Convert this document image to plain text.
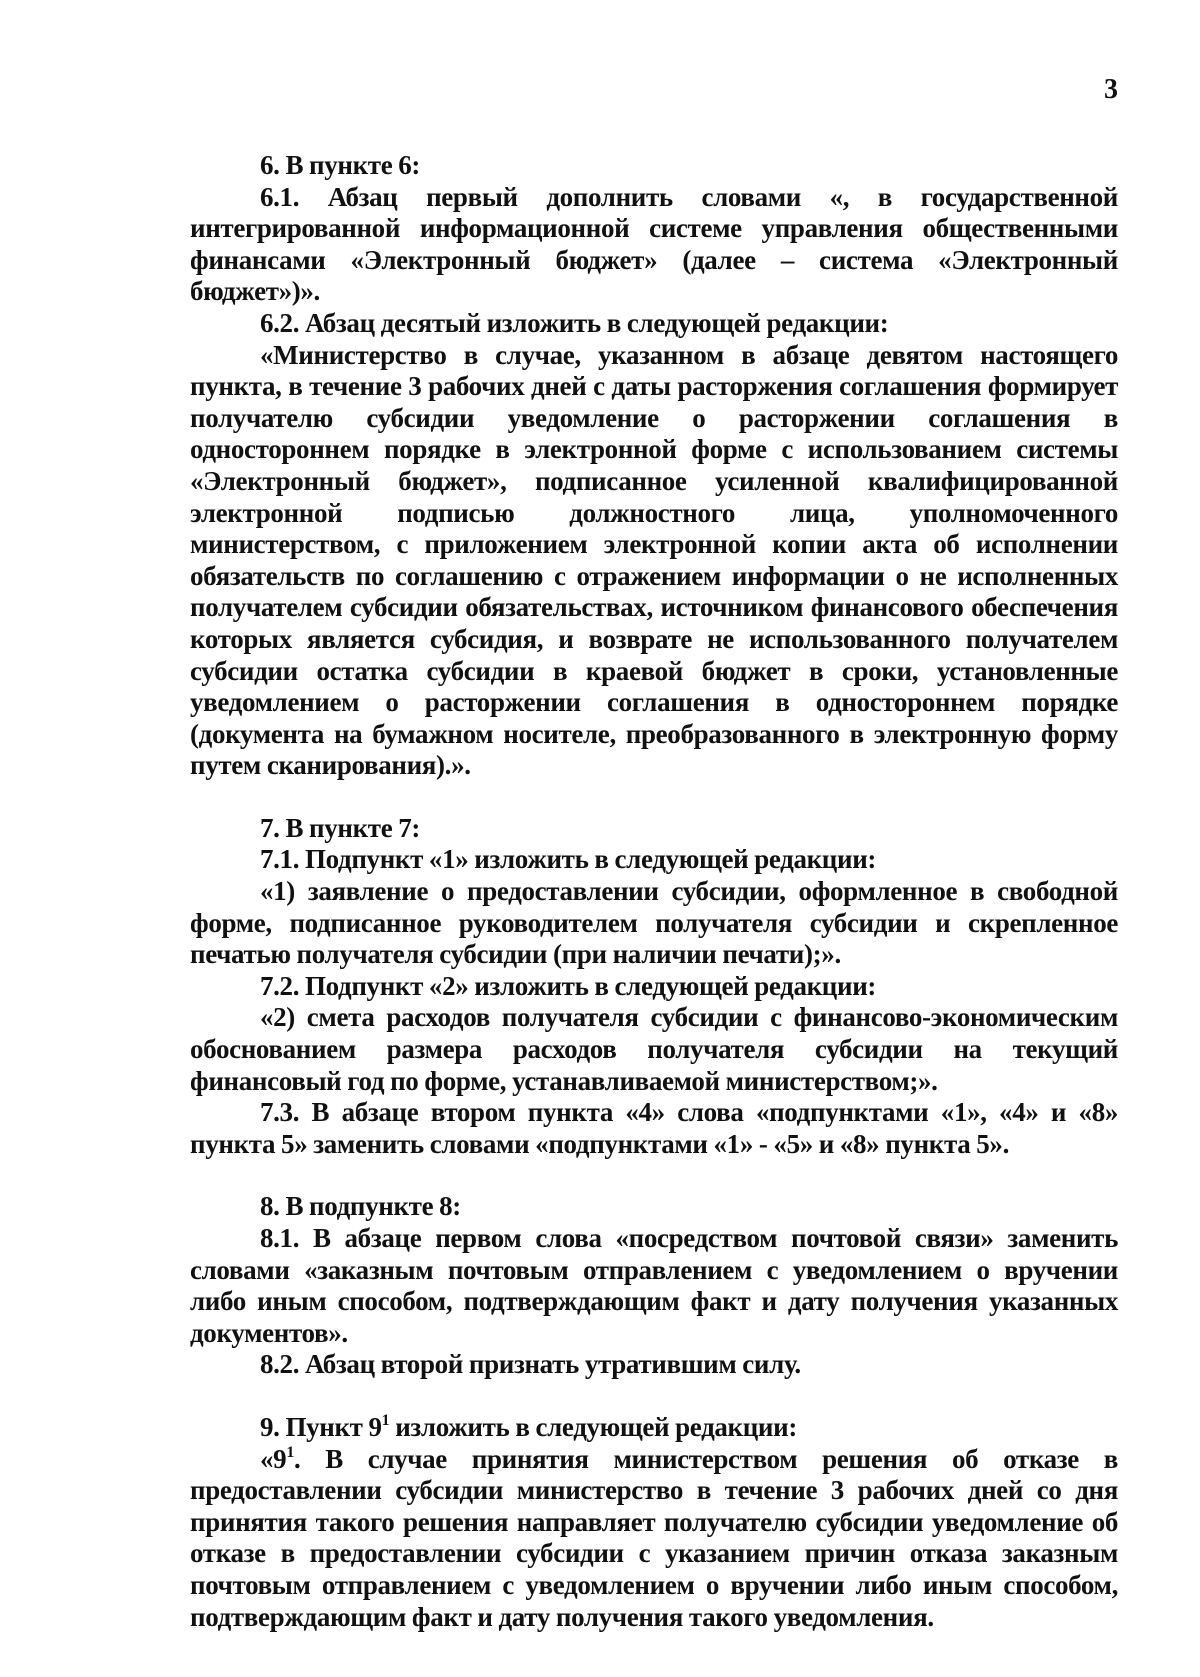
3

6. В пункте 6:

6.1. Абзац первый дополнить словами «, в государственной интегрированной информационной системе управления общественными финансами «Электронный бюджет» (далее – система «Электронный бюджет»)».

6.2. Абзац десятый изложить в следующей редакции:

«Министерство в случае, указанном в абзаце девятом настоящего пункта, в течение 3 рабочих дней с даты расторжения соглашения формирует получателю субсидии уведомление о расторжении соглашения в одностороннем порядке в электронной форме с использованием системы «Электронный бюджет», подписанное усиленной квалифицированной электронной подписью должностного лица, уполномоченного министерством, с приложением электронной копии акта об исполнении обязательств по соглашению с отражением информации о не исполненных получателем субсидии обязательствах, источником финансового обеспечения которых является субсидия, и возврате не использованного получателем субсидии остатка субсидии в краевой бюджет в сроки, установленные уведомлением о расторжении соглашения в одностороннем порядке (документа на бумажном носителе, преобразованного в электронную форму путем сканирования).».

7. В пункте 7:

7.1. Подпункт «1» изложить в следующей редакции:

«1) заявление о предоставлении субсидии, оформленное в свободной форме, подписанное руководителем получателя субсидии и скрепленное печатью получателя субсидии (при наличии печати);».

7.2. Подпункт «2» изложить в следующей редакции:

«2) смета расходов получателя субсидии с финансово-экономическим обоснованием размера расходов получателя субсидии на текущий финансовый год по форме, устанавливаемой министерством;».

7.3. В абзаце втором пункта «4» слова «подпунктами «1», «4» и «8» пункта 5» заменить словами «подпунктами «1» - «5» и «8» пункта 5».

8. В подпункте 8:

8.1. В абзаце первом слова «посредством почтовой связи» заменить словами «заказным почтовым отправлением с уведомлением о вручении либо иным способом, подтверждающим факт и дату получения указанных документов».

8.2. Абзац второй признать утратившим силу.

9. Пункт $9^1$ изложить в следующей редакции:

«$9^1$. В случае принятия министерством решения об отказе в предоставлении субсидии министерство в течение 3 рабочих дней со дня принятия такого решения направляет получателю субсидии уведомление об отказе в предоставлении субсидии с указанием причин отказа заказным почтовым отправлением с уведомлением о вручении либо иным способом, подтверждающим факт и дату получения такого уведомления.
